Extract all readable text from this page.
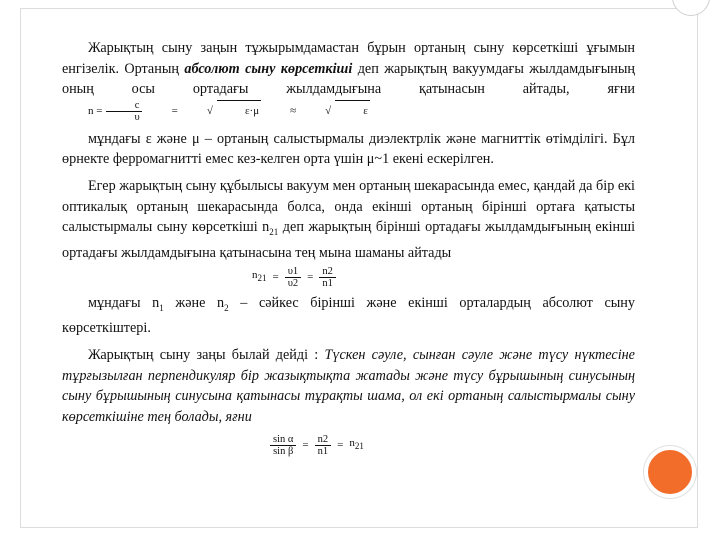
Жарықтың сыну заңын тұжырымдамастан бұрын ортаның сыну көрсеткіші ұғымын енгізелік. Ортаның абсолют сыну көрсеткіші деп жарықтың вакуумдағы жылдамдығының оның осы ортадағы жылдамдығына қатынасын айтады, яғни
$n = \frac{c}{\upsilon}$	=	√	ε·μ	≈	√	ε

мұндағы ε және μ – ортаның салыстырмалы диэлектрлік және магниттік өтімділігі. Бұл өрнекте ферромагнитті емес кез-келген орта үшін μ~1 екені ескерілген.

Егер жарықтың сыну құбылысы вакуум мен ортаның шекарасында емес, қандай да бір екі оптикалық ортаның шекарасында болса, онда екінші ортаның бірінші ортаға қатысты салыстырмалы сыну көрсеткіші $n_{21}$ деп жарықтың бірінші ортадағы жылдамдығының екінші ортадағы жылдамдығына қатынасына тең мына шаманы айтады

$n_{21} = \frac{\upsilon 1}{\upsilon 2} = \frac{n2}{n1}$

мұндағы $n_1$ және $n_2$ – сәйкес бірінші және екінші орталардың абсолют сыну көрсеткіштері.

Жарықтың сыну заңы былай дейді : Түскен сәуле, сынған сәуле және түсу нүктесіне тұрғызылған перпендикуляр бір жазықтықта жатады және түсу бұрышының синусының сыну бұрышының синусына қатынасы тұрақты шама, ол екі ортаның салыстырмалы сыну көрсеткішіне тең болады, яғни

$\frac{\text{sin α}}{\text{sin β}} = \frac{n2}{n1} = n_{21}$
